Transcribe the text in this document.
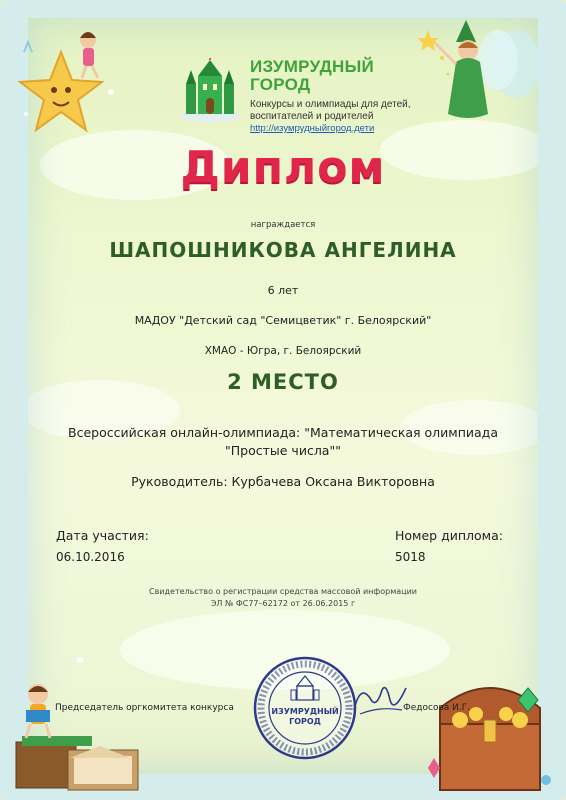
ИЗУМРУДНЫЙ
ГОРОД
Конкурсы и олимпиады для детей,
воспитателей и родителей
http://изумрудныйгород.дети
Диплом
награждается
ШАПОШНИКОВА АНГЕЛИНА
6 лет
МАДОУ "Детский сад "Семицветик" г. Белоярский"
ХМАО - Югра, г. Белоярский
2 МЕСТО
Всероссийская онлайн-олимпиада: "Математическая олимпиада
"Простые числа""
Руководитель: Курбачева Оксана Викторовна
Дата участия:
06.10.2016
Номер диплома:
5018
Свидетельство о регистрации средства массовой информации
ЭЛ № ФС77–62172 от 26.06.2015 г
Председатель оргкомитета конкурса	ИЗУМРУДНЫЙ
ГОРОД
Федосова И.Г.
